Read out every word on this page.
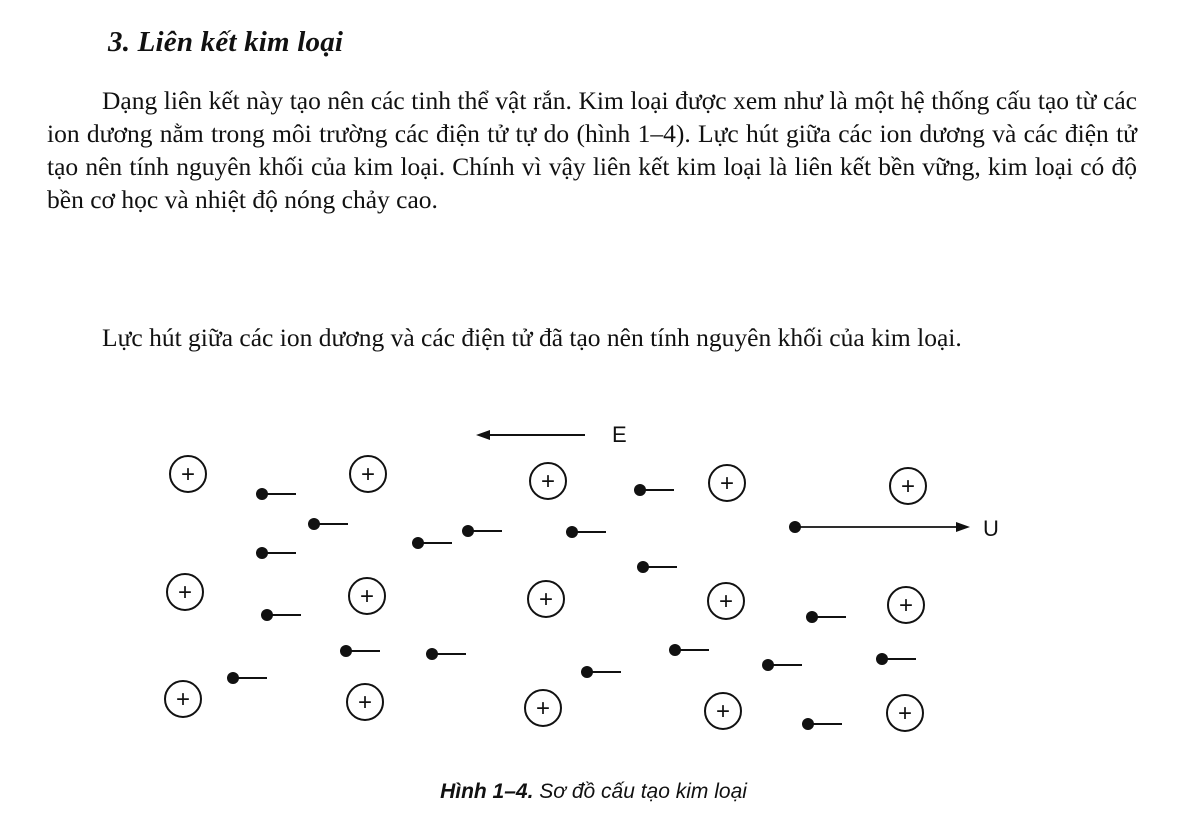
3. Liên kết kim loại

Dạng liên kết này tạo nên các tinh thể vật rắn. Kim loại được xem như là một hệ thống cấu tạo từ các ion dương nằm trong môi trường các điện tử tự do (hình 1–4). Lực hút giữa các ion dương và các điện tử tạo nên tính nguyên khối của kim loại. Chính vì vậy liên kết kim loại là liên kết bền vững, kim loại có độ bền cơ học và nhiệt độ nóng chảy cao.

Lực hút giữa các ion dương và các điện tử đã tạo nên tính nguyên khối của kim loại.

+	+	+	+	+
+	+	+	+	+
+	+	+	+	+
E
U
Hình 1–4. Sơ đồ cấu tạo kim loại
